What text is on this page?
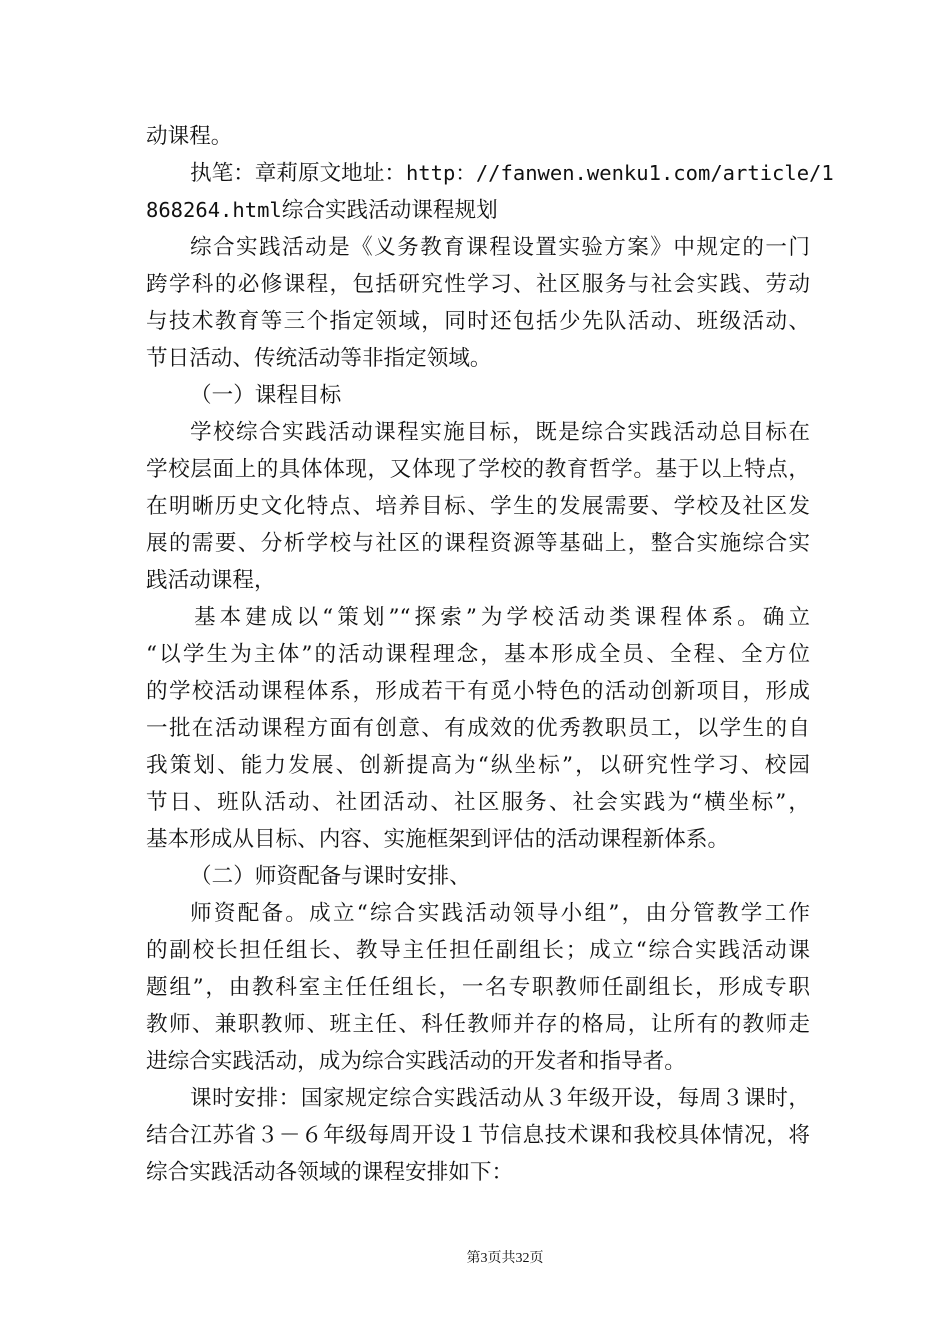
动课程。
执笔：章莉原文地址：http：//fanwen.wenku1.com/article/1
868264.html综合实践活动课程规划
综合实践活动是《义务教育课程设置实验方案》中规定的一门
跨学科的必修课程，包括研究性学习、社区服务与社会实践、劳动
与技术教育等三个指定领域，同时还包括少先队活动、班级活动、
节日活动、传统活动等非指定领域。
（一）课程目标
学校综合实践活动课程实施目标，既是综合实践活动总目标在
学校层面上的具体体现，又体现了学校的教育哲学。基于以上特点，
在明晰历史文化特点、培养目标、学生的发展需要、学校及社区发
展的需要、分析学校与社区的课程资源等基础上，整合实施综合实
践活动课程，
基本建成以“策划”“探索”为学校活动类课程体系。确立
“以学生为主体”的活动课程理念，基本形成全员、全程、全方位
的学校活动课程体系，形成若干有觅小特色的活动创新项目，形成
一批在活动课程方面有创意、有成效的优秀教职员工，以学生的自
我策划、能力发展、创新提高为“纵坐标”，以研究性学习、校园
节日、班队活动、社团活动、社区服务、社会实践为“横坐标”，
基本形成从目标、内容、实施框架到评估的活动课程新体系。
（二）师资配备与课时安排、
师资配备。成立“综合实践活动领导小组”，由分管教学工作
的副校长担任组长、教导主任担任副组长；成立“综合实践活动课
题组”，由教科室主任任组长，一名专职教师任副组长，形成专职
教师、兼职教师、班主任、科任教师并存的格局，让所有的教师走
进综合实践活动，成为综合实践活动的开发者和指导者。
课时安排：国家规定综合实践活动从３年级开设，每周３课时，
结合江苏省３－６年级每周开设１节信息技术课和我校具体情况，将
综合实践活动各领域的课程安排如下：
第3页共32页
